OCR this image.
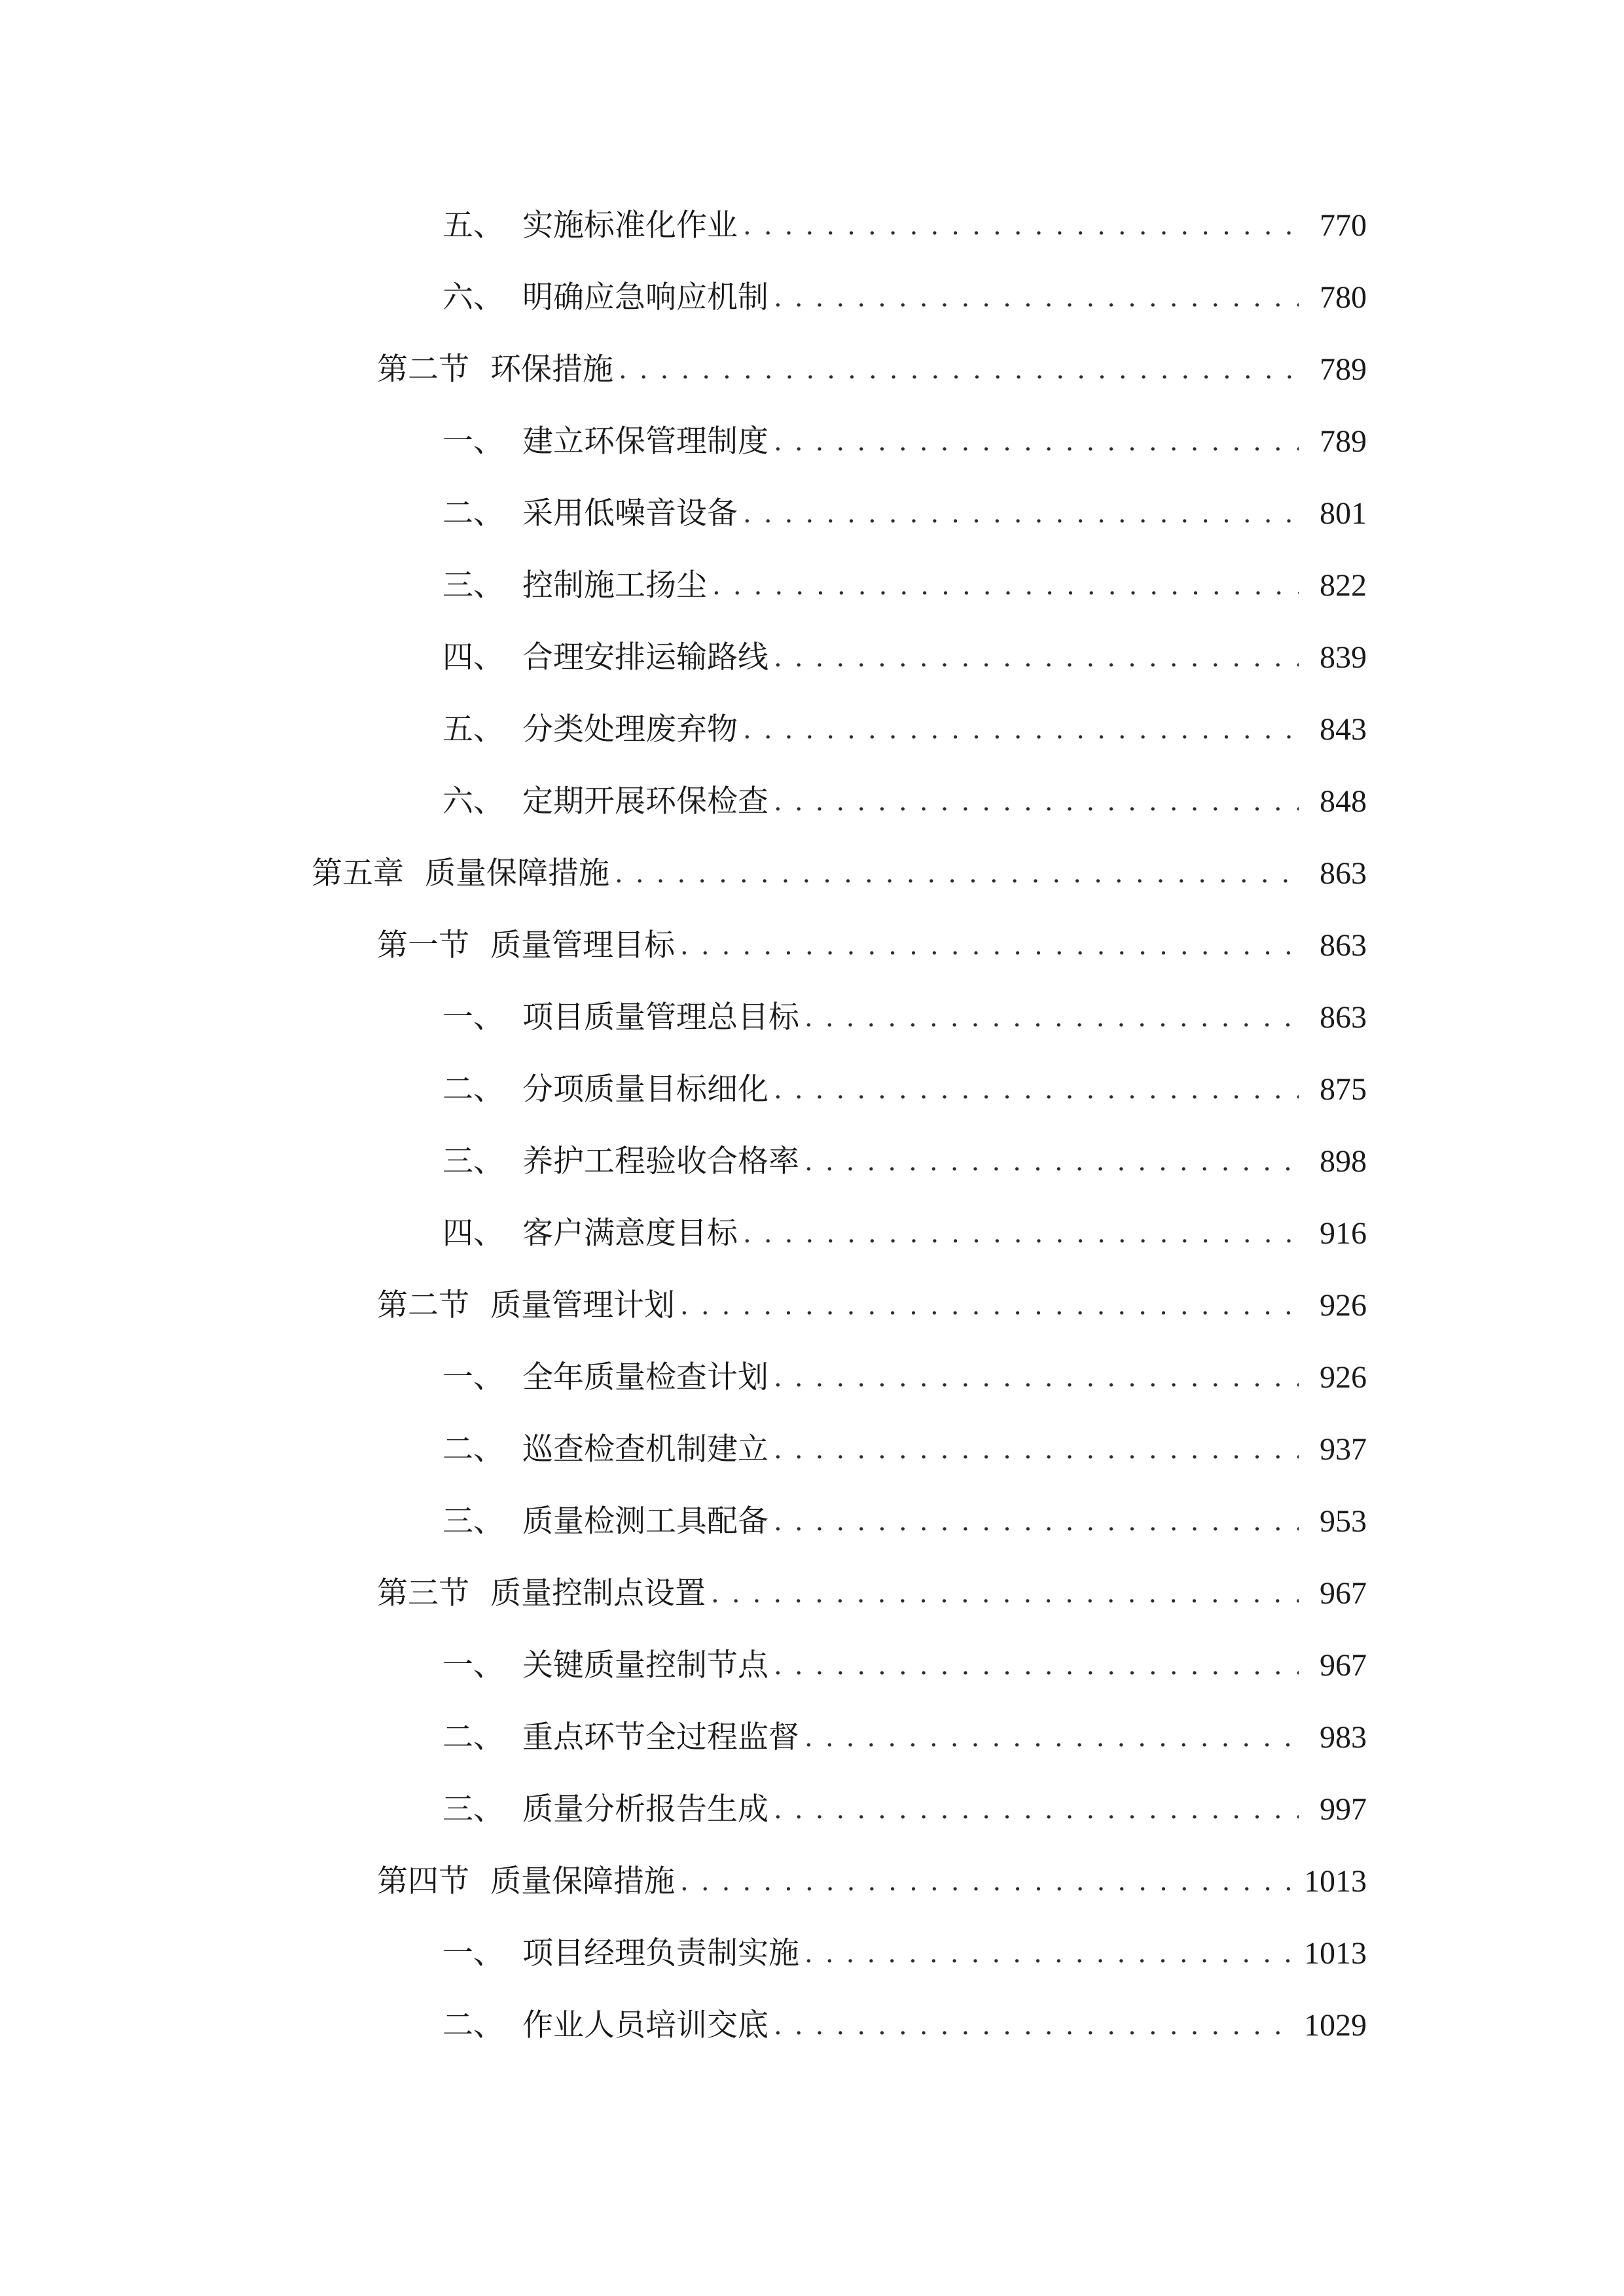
五、 实施标准化作业 . . .	770
六、 明确应急响应机制 . . .	780
第二节 环保措施 . . .	789
一、 建立环保管理制度 . . .	789
二、 采用低噪音设备 . . .	801
三、 控制施工扬尘 . . .	822
四、 合理安排运输路线 . . .	839
五、 分类处理废弃物 . . .	843
六、 定期开展环保检查 . . .	848
第五章 质量保障措施 . . .	863
第一节 质量管理目标 . . .	863
一、 项目质量管理总目标 . . .	863
二、 分项质量目标细化 . . .	875
三、 养护工程验收合格率 . . .	898
四、 客户满意度目标 . . .	916
第二节 质量管理计划 . . .	926
一、 全年质量检查计划 . . .	926
二、 巡查检查机制建立 . . .	937
三、 质量检测工具配备 . . .	953
第三节 质量控制点设置 . . .	967
一、 关键质量控制节点 . . .	967
二、 重点环节全过程监督 . . .	983
三、 质量分析报告生成 . . .	997
第四节 质量保障措施 . . .	1013
一、 项目经理负责制实施 . . .	1013
二、 作业人员培训交底 . . .	1029
